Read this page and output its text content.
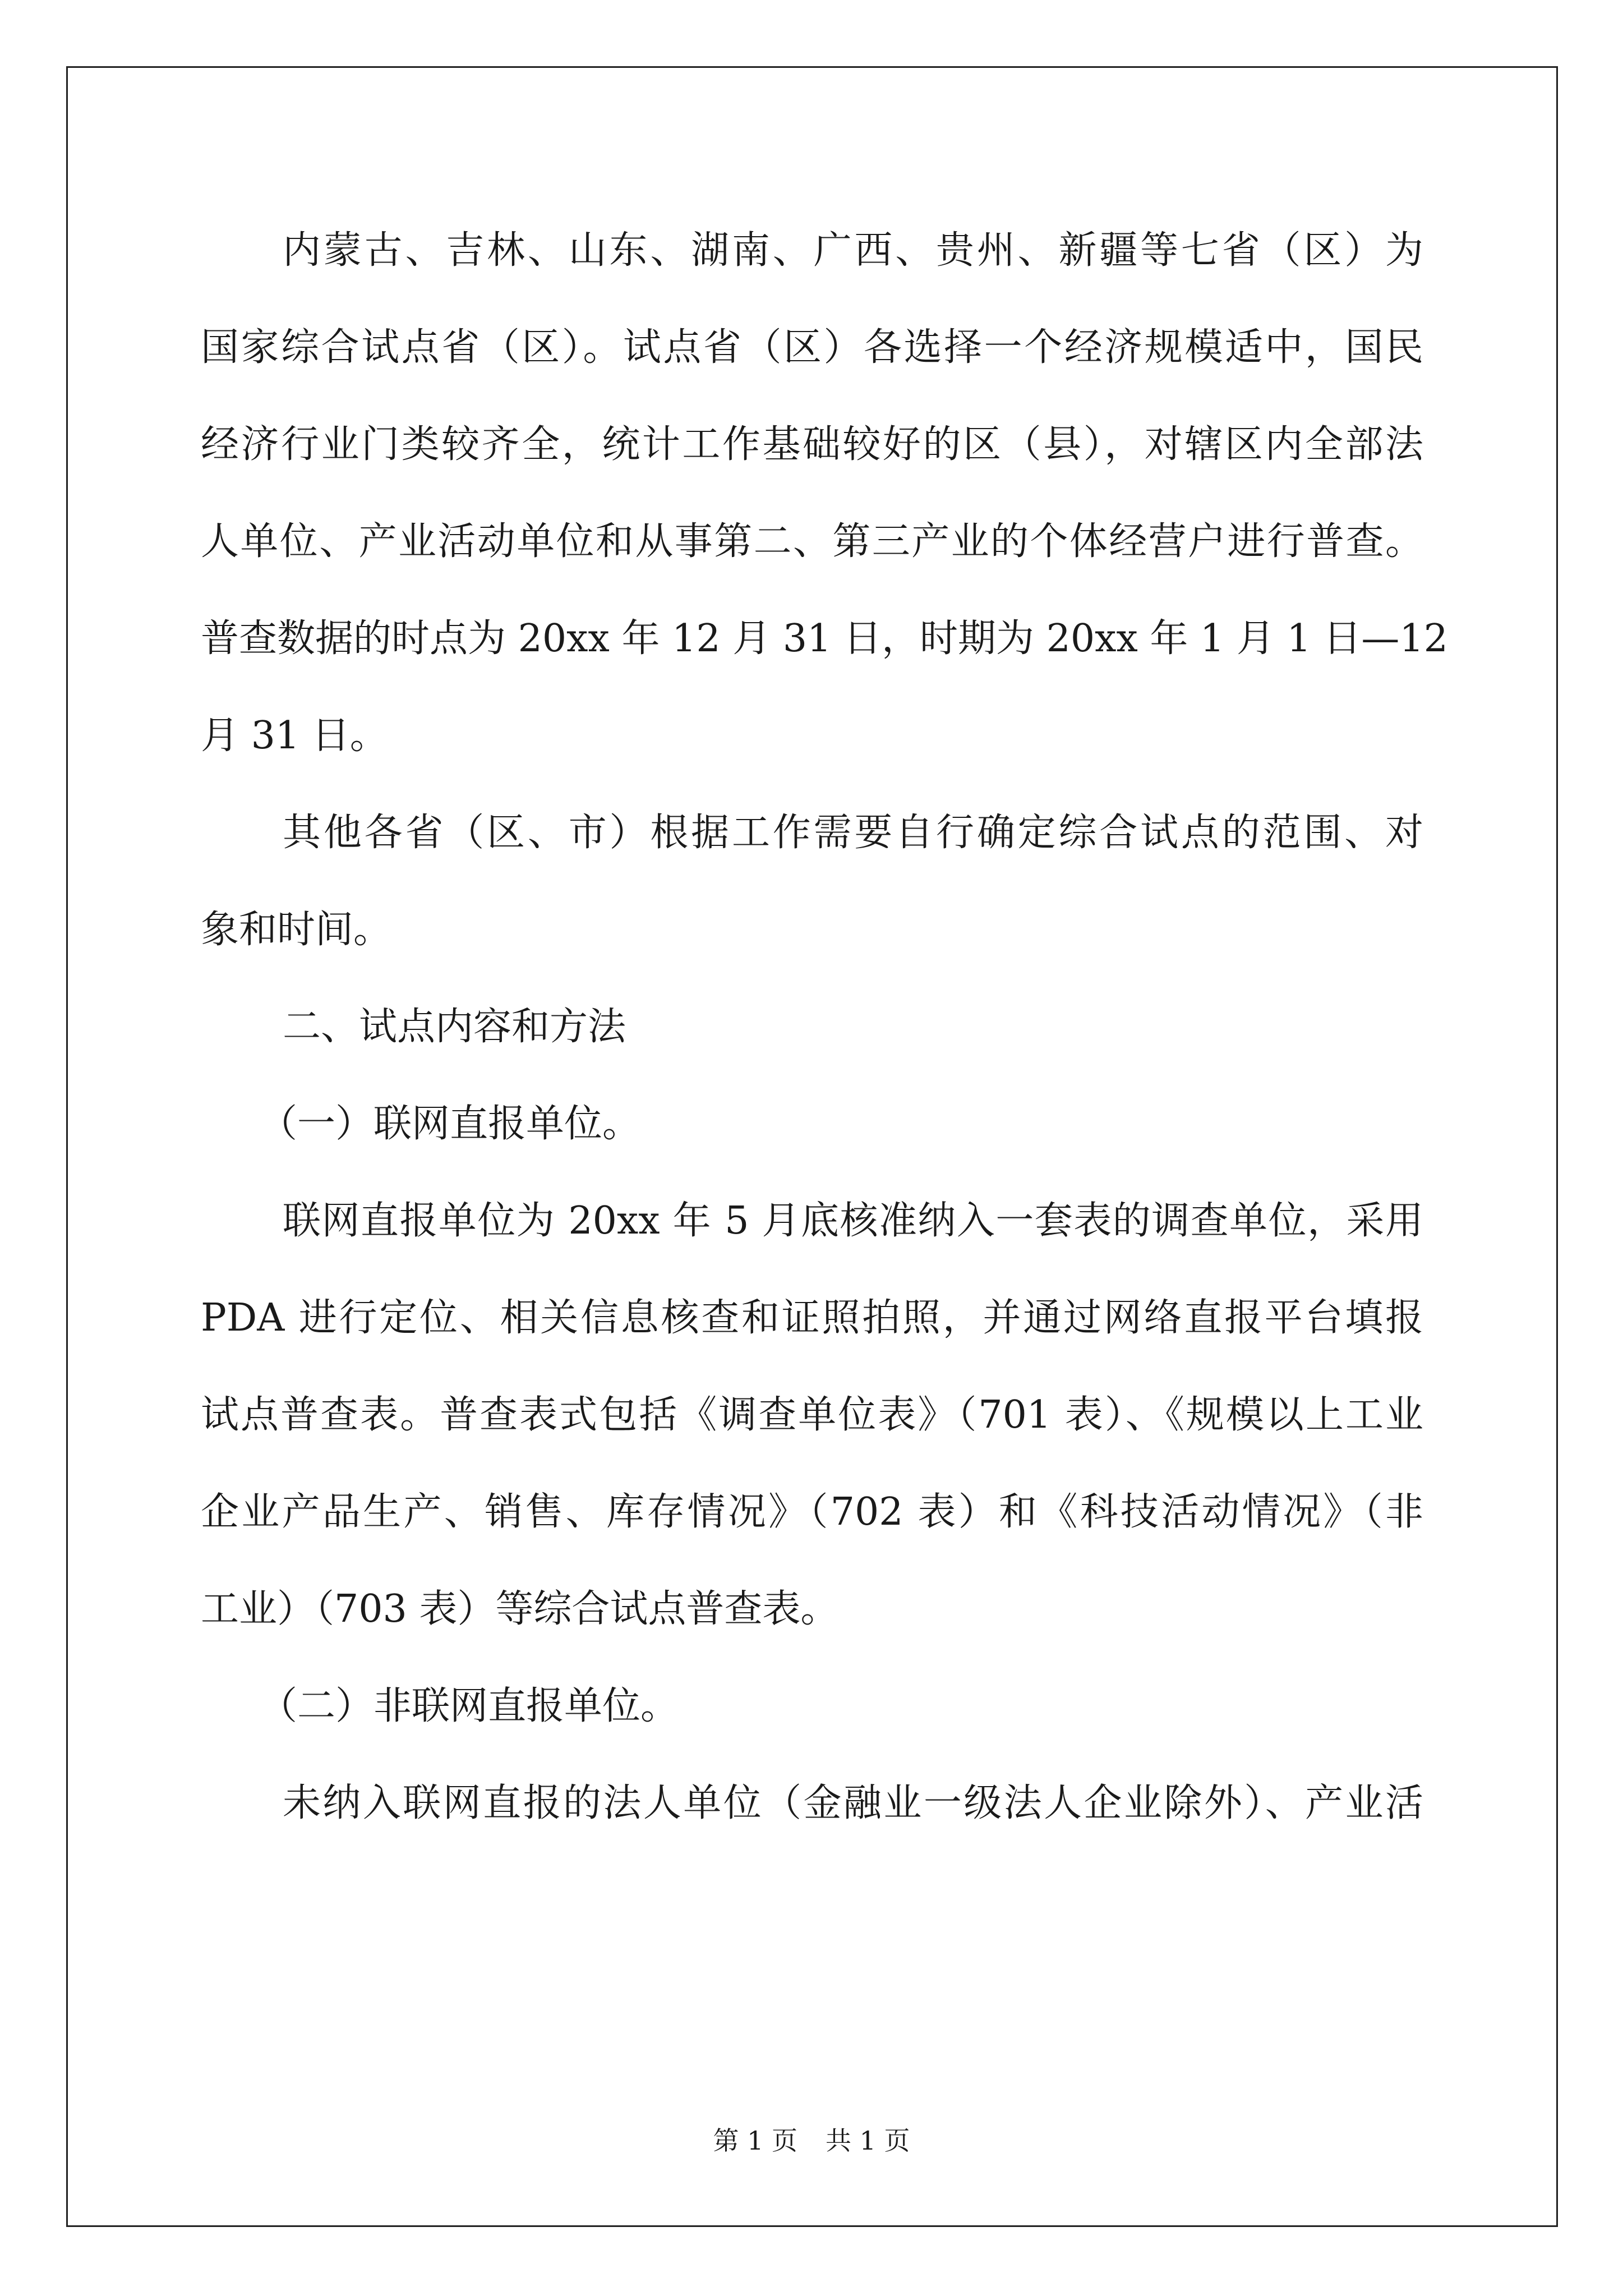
内蒙古、吉林、山东、湖南、广西、贵州、新疆等七省（区）为
国家综合试点省（区）。试点省（区）各选择一个经济规模适中，国民
经济行业门类较齐全，统计工作基础较好的区（县），对辖区内全部法
人单位、产业活动单位和从事第二、第三产业的个体经营户进行普查。
普查数据的时点为 20xx 年 12 月 31 日，时期为 20xx 年 1 月 1 日—12
月 31 日。
其他各省（区、市）根据工作需要自行确定综合试点的范围、对
象和时间。
二、试点内容和方法
（一）联网直报单位。
联网直报单位为 20xx 年 5 月底核准纳入一套表的调查单位，采用
PDA 进行定位、相关信息核查和证照拍照，并通过网络直报平台填报
试点普查表。普查表式包括《调查单位表》（701 表）、《规模以上工业
企业产品生产、销售、库存情况》（702 表）和《科技活动情况》（非
工业）（703 表）等综合试点普查表。
（二）非联网直报单位。
未纳入联网直报的法人单位（金融业一级法人企业除外）、产业活
第 1 页 共 1 页
